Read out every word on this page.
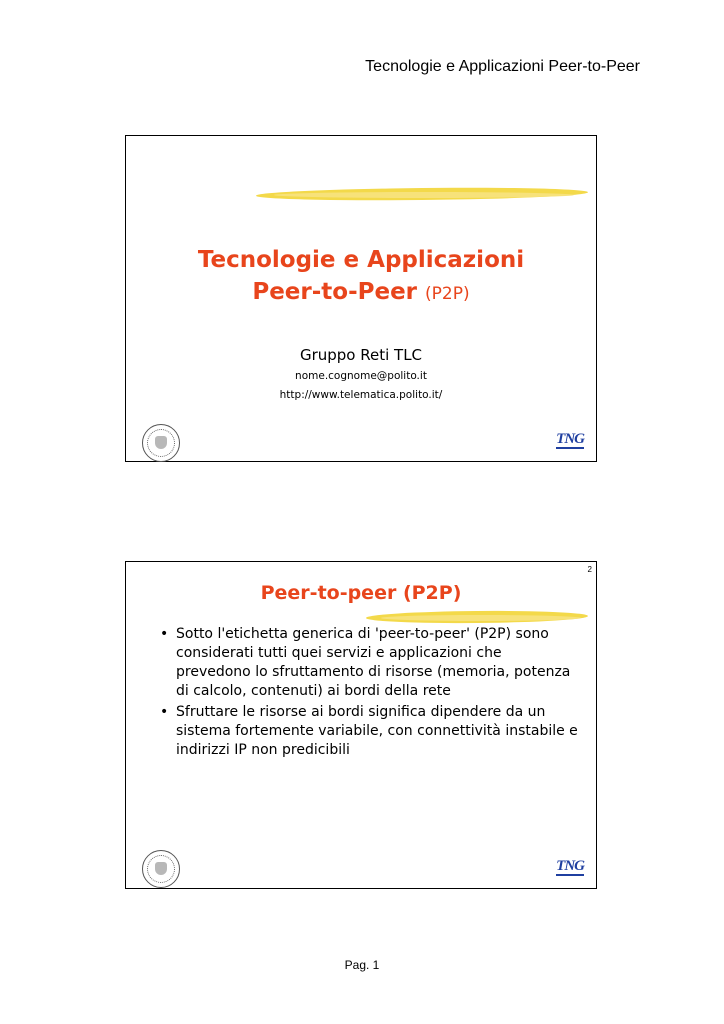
Tecnologie e Applicazioni Peer-to-Peer
Tecnologie e Applicazioni
Peer-to-Peer (P2P)
Gruppo Reti TLC
nome.cognome@polito.it
http://www.telematica.polito.it/
TNG
2
Peer-to-peer (P2P)
• Sotto l'etichetta generica di 'peer-to-peer' (P2P) sono considerati tutti quei servizi e applicazioni che prevedono lo sfruttamento di risorse (memoria, potenza di calcolo, contenuti) ai bordi della rete
• Sfruttare le risorse ai bordi significa dipendere da un sistema fortemente variabile, con connettività instabile e indirizzi IP non predicibili
TNG
Pag. 1
